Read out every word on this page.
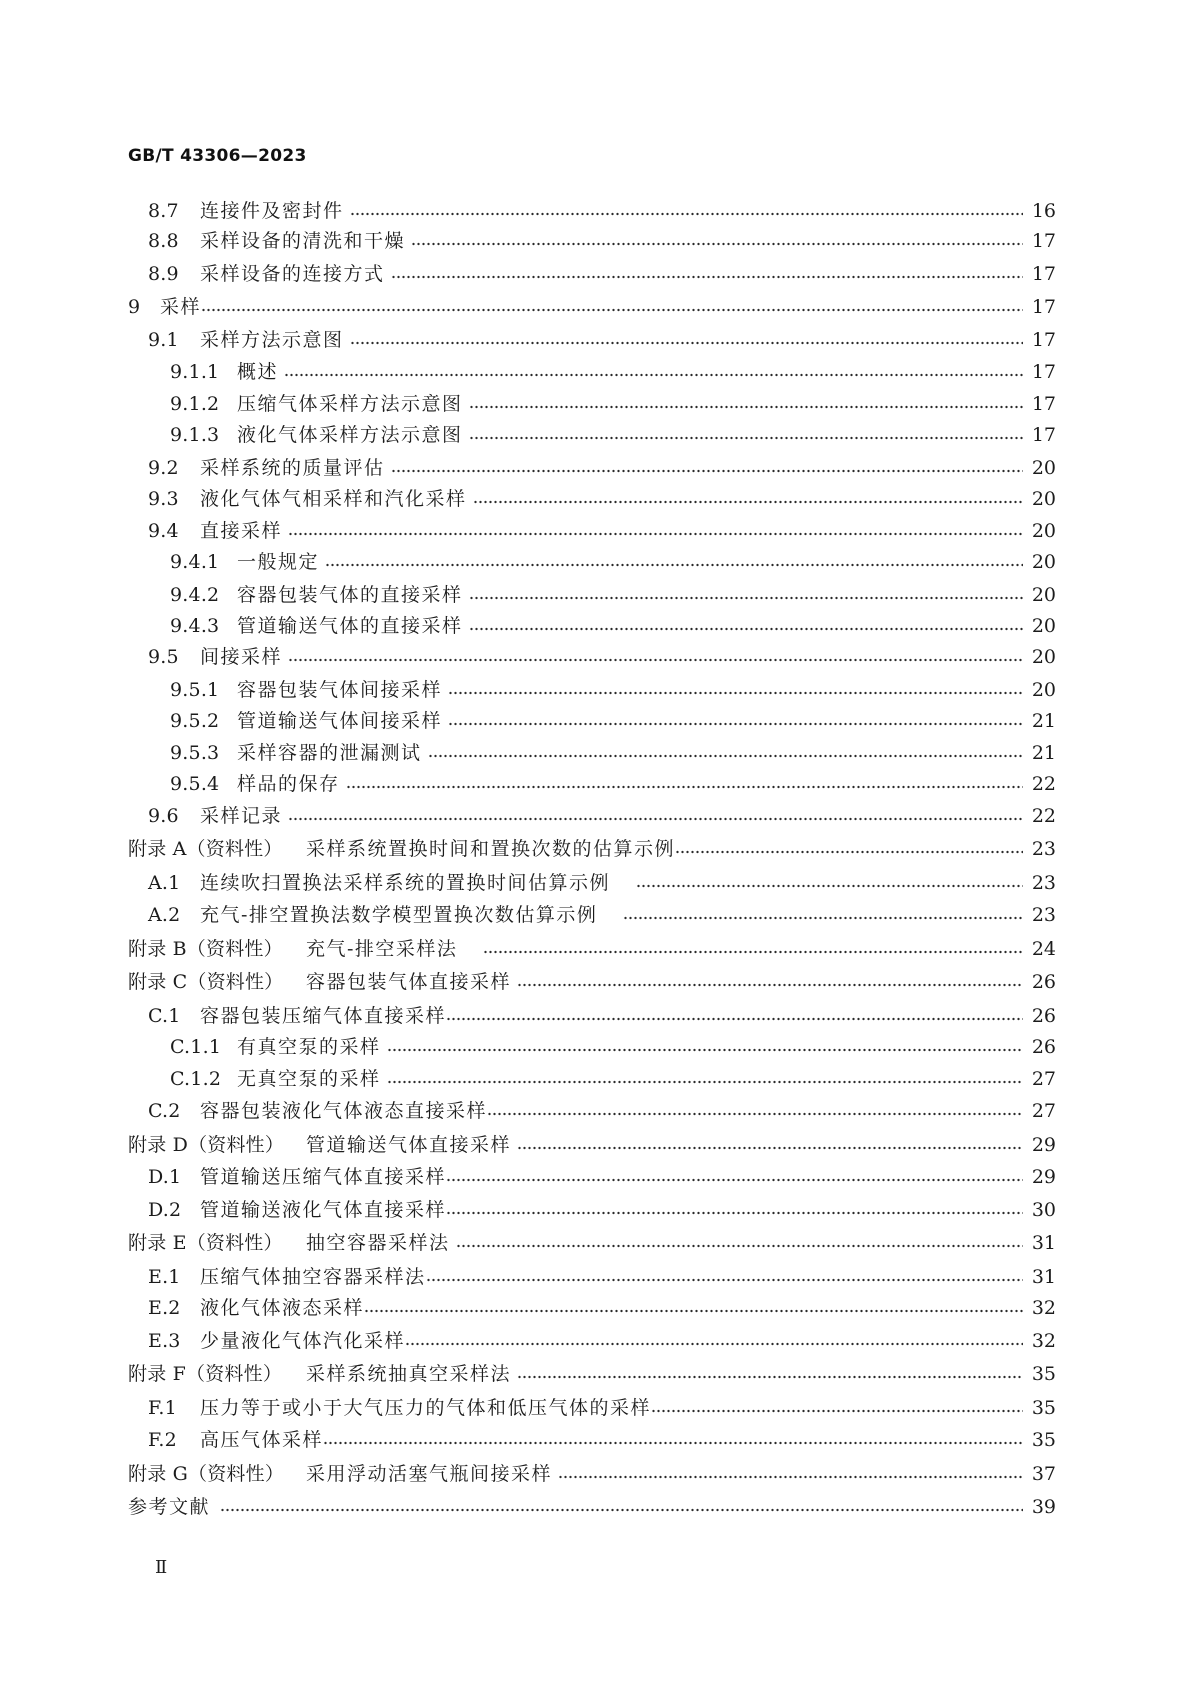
GB/T 43306—2023
8.7 连接件及密封件	16
8.8 采样设备的清洗和干燥	17
8.9 采样设备的连接方式	17
9 采样	17
9.1 采样方法示意图	17
9.1.1 概述	17
9.1.2 压缩气体采样方法示意图	17
9.1.3 液化气体采样方法示意图	17
9.2 采样系统的质量评估	20
9.3 液化气体气相采样和汽化采样	20
9.4 直接采样	20
9.4.1 一般规定	20
9.4.2 容器包装气体的直接采样	20
9.4.3 管道输送气体的直接采样	20
9.5 间接采样	20
9.5.1 容器包装气体间接采样	20
9.5.2 管道输送气体间接采样	21
9.5.3 采样容器的泄漏测试	21
9.5.4 样品的保存	22
9.6 采样记录	22
附录 A（资料性） 采样系统置换时间和置换次数的估算示例	23
A.1 连续吹扫置换法采样系统的置换时间估算示例	23
A.2 充气-排空置换法数学模型置换次数估算示例	23
附录 B（资料性） 充气-排空采样法	24
附录 C（资料性） 容器包装气体直接采样	26
C.1 容器包装压缩气体直接采样	26
C.1.1 有真空泵的采样	26
C.1.2 无真空泵的采样	27
C.2 容器包装液化气体液态直接采样	27
附录 D（资料性） 管道输送气体直接采样	29
D.1 管道输送压缩气体直接采样	29
D.2 管道输送液化气体直接采样	30
附录 E（资料性） 抽空容器采样法	31
E.1 压缩气体抽空容器采样法	31
E.2 液化气体液态采样	32
E.3 少量液化气体汽化采样	32
附录 F（资料性） 采样系统抽真空采样法	35
F.1 压力等于或小于大气压力的气体和低压气体的采样	35
F.2 高压气体采样	35
附录 G（资料性） 采用浮动活塞气瓶间接采样	37
参考文献	39
Ⅱ
